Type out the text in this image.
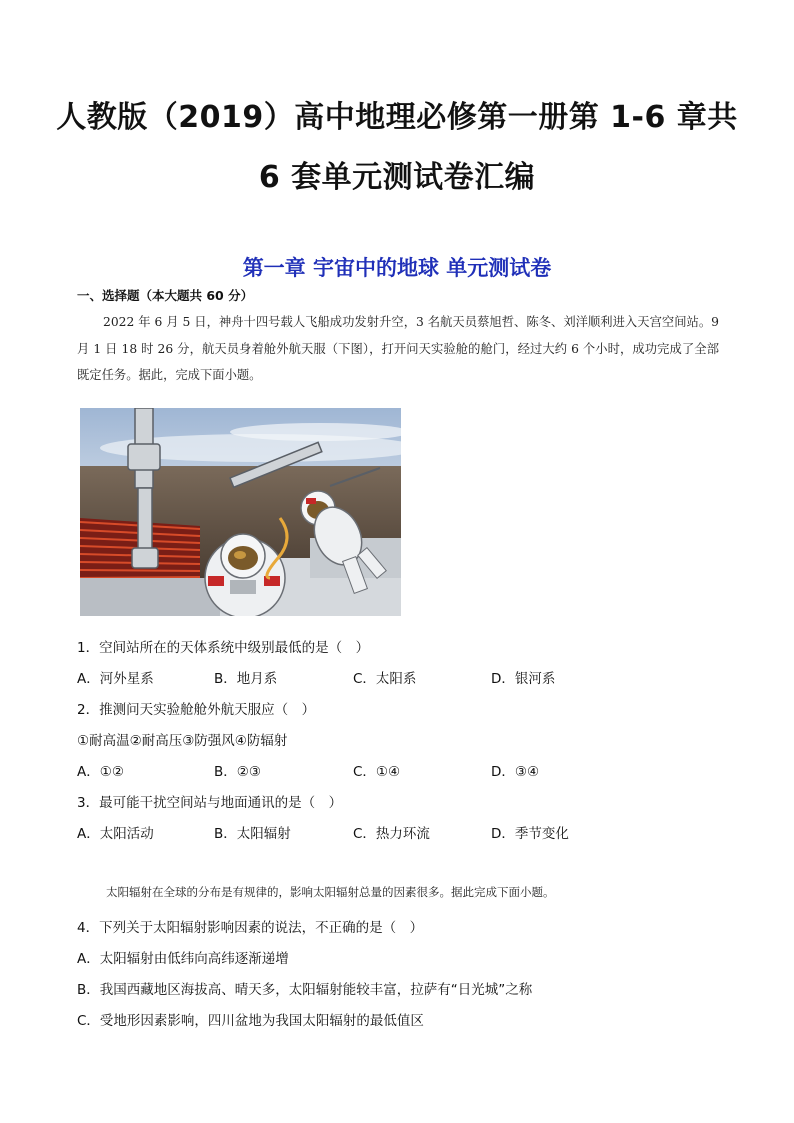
人教版（2019）高中地理必修第一册第 1-6 章共
6 套单元测试卷汇编
第一章 宇宙中的地球 单元测试卷
一、选择题（本大题共 60 分）
2022 年 6 月 5 日，神舟十四号载人飞船成功发射升空，3 名航天员蔡旭哲、陈冬、刘洋顺利进入天宫空间站。9 月 1 日 18 时 26 分，航天员身着舱外航天服（下图），打开问天实验舱的舱门，经过大约 6 个小时，成功完成了全部既定任务。据此，完成下面小题。
1．空间站所在的天体系统中级别最低的是（　）
A．河外星系	B．地月系	C．太阳系	D．银河系
2．推测问天实验舱舱外航天服应（　）
①耐高温②耐高压③防强风④防辐射
A．①②	B．②③	C．①④	D．③④
3．最可能干扰空间站与地面通讯的是（　）
A．太阳活动	B．太阳辐射	C．热力环流	D．季节变化
太阳辐射在全球的分布是有规律的，影响太阳辐射总量的因素很多。据此完成下面小题。
4．下列关于太阳辐射影响因素的说法，不正确的是（　）
A．太阳辐射由低纬向高纬逐渐递增
B．我国西藏地区海拔高、晴天多，太阳辐射能较丰富，拉萨有“日光城”之称
C．受地形因素影响，四川盆地为我国太阳辐射的最低值区
